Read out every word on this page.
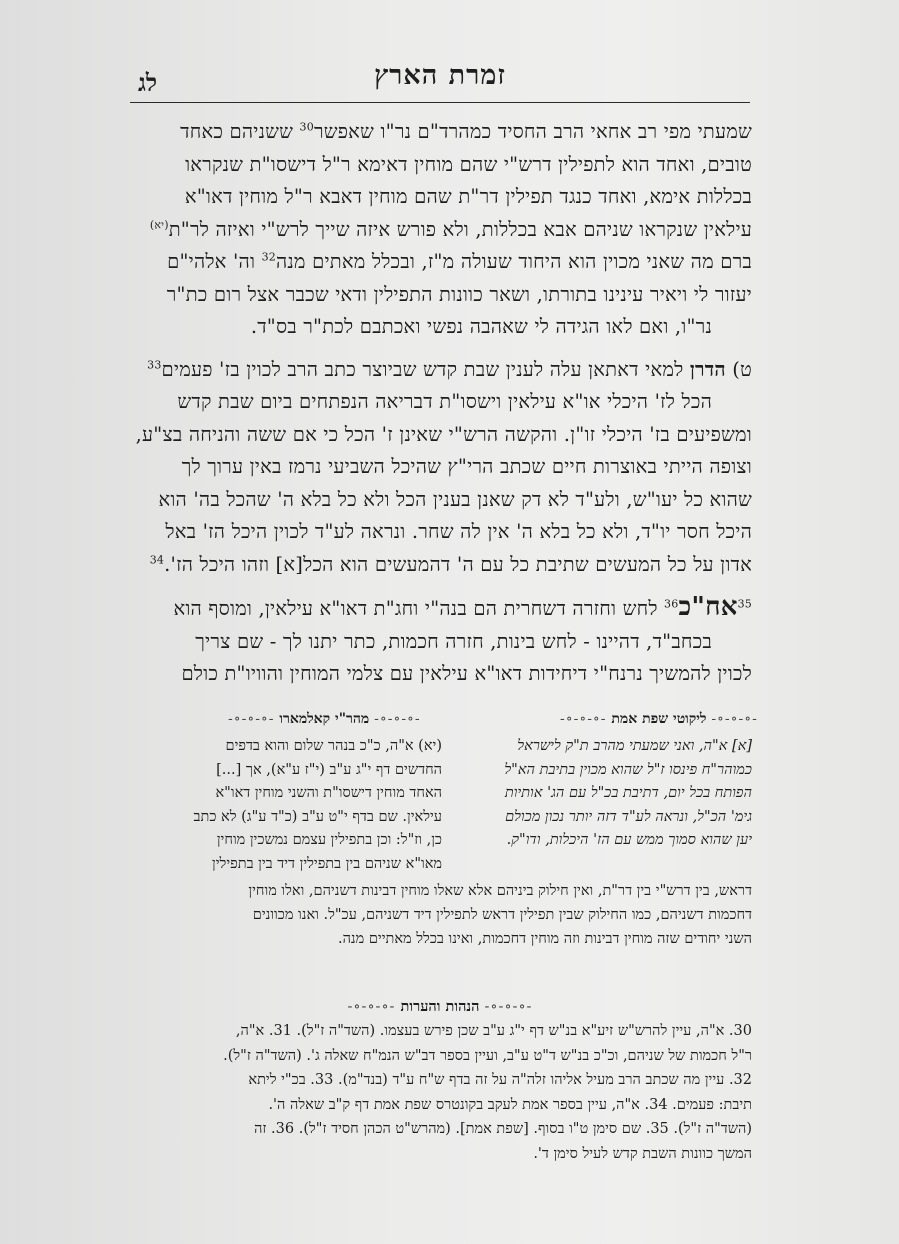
זמרת הארץ
לג

שמעתי מפי רב אחאי הרב החסיד כמהרד"ם נר"ו שאפשר$^{30}$ ששניהם כאחד
טובים, ואחד הוא לתפילין דרש"י שהם מוחין דאימא ר"ל דישסו"ת שנקראו
בכללות אימא, ואחד כנגד תפילין דר"ת שהם מוחין דאבא ר"ל מוחין דאו"א
עילאין שנקראו שניהם אבא בכללות, ולא פורש איזה שייך לרש"י ואיזה לר"ת$^{(יא)}$
ברם מה שאני מכוין הוא היחוד שעולה מ"ז, ובכלל מאתים מנה$^{32}$ וה' אלהי"ם
יעזור לי ויאיר עינינו בתורתו, ושאר כוונות התפילין ודאי שכבר אצל רום כת"ר
נר"ו, ואם לאו הגידה לי שאהבה נפשי ואכתבם לכת"ר בס"ד.

ט) הדרן למאי דאתאן עלה לענין שבת קדש שביוצר כתב הרב לכוין בז' פעמים$^{33}$
הכל לז' היכלי או"א עילאין וישסו"ת דבריאה הנפתחים ביום שבת קדש
ומשפיעים בז' היכלי זו"ן. והקשה הרש"י שאינן ז' הכל כי אם ששה והניחה בצ"ע,
וצופה הייתי באוצרות חיים שכתב הרי"ץ שהיכל השביעי נרמז באין ערוך לך
שהוא כל יעו"ש, ולע"ד לא דק שאנן בענין הכל ולא כל בלא ה' שהכל בה' הוא
היכל חסר יו"ד, ולא כל בלא ה' אין לה שחר. ונראה לע"ד לכוין היכל הז' באל
אדון על כל המעשים שתיבת כל עם ה' דהמעשים הוא הכל[א] וזהו היכל הז'.$^{34}$

$^{35}$אח"כ$^{36}$ לחש וחזרה דשחרית הם בנה"י וחג"ת דאו"א עילאין, ומוסף הוא
בכחב"ד, דהיינו - לחש בינות, חזרה חכמות, כתר יתנו לך - שם צריך
לכוין להמשיך נרנח"י דיחידות דאו"א עילאין עם צלמי המוחין והוויו"ת כולם

-∘-∘-∘- ליקוטי שפת אמת -∘-∘-∘-
-∘-∘-∘- מהר"י קאלמארו -∘-∘-∘-
[א] א"ה, ואני שמעתי מהרב ת"ק לישראל
כמוהר"ח פינסו ז"ל שהוא מכוין בתיבת הא"ל
הפותח בכל יום, דתיבת בכ"ל עם הג' אותיות
גימ' הכ"ל, ונראה לע"ד דזה יותר נכון מכולם
יען שהוא סמוך ממש עם הז' היכלות, ודו"ק.
(יא) א"ה, כ"כ בנהר שלום והוא בדפים
החדשים דף י"ג ע"ב (י"ז ע"א), אך [...]
האחד מוחין דישסו"ת והשני מוחין דאו"א
עילאין. שם בדף י"ט ע"ב (כ"ד ע"ג) לא כתב
כן, וז"ל: וכן בתפילין עצמם נמשכין מוחין
מאו"א שניהם בין בתפילין דיד בין בתפילין
דראש, בין דרש"י בין דר"ת, ואין חילוק ביניהם אלא שאלו מוחין דבינות דשניהם, ואלו מוחין
דחכמות דשניהם, כמו החילוק שבין תפילין דראש לתפילין דיד דשניהם, עכ"ל. ואנו מכוונים
השני יחודים שזה מוחין דבינות וזה מוחין דחכמות, ואינו בכלל מאתיים מנה.
-∘-∘-∘- הנהות והערות -∘-∘-∘-
30. א"ה, עיין להרש"ש זיע"א בנ"ש דף י"ג ע"ב שכן פירש בעצמו. (השד"ה ז"ל). 31. א"ה,
ר"ל חכמות של שניהם, וכ"כ בנ"ש ד"ט ע"ב, ועיין בספר דב"ש הנמ"ח שאלה ג'. (השד"ה ז"ל).
32. עיין מה שכתב הרב מעיל אליהו זלה"ה על זה בדף ש"ח ע"ד (בנד"מ). 33. בכ"י ליתא
תיבת: פעמים. 34. א"ה, עיין בספר אמת לעקב בקונטרס שפת אמת דף ק"ב שאלה ה'.
(השד"ה ז"ל). 35. שם סימן ט"ו בסוף. [שפת אמת]. (מהרש"ט הכהן חסיד ז"ל). 36. זה
המשך כוונות השבת קדש לעיל סימן ד'.
